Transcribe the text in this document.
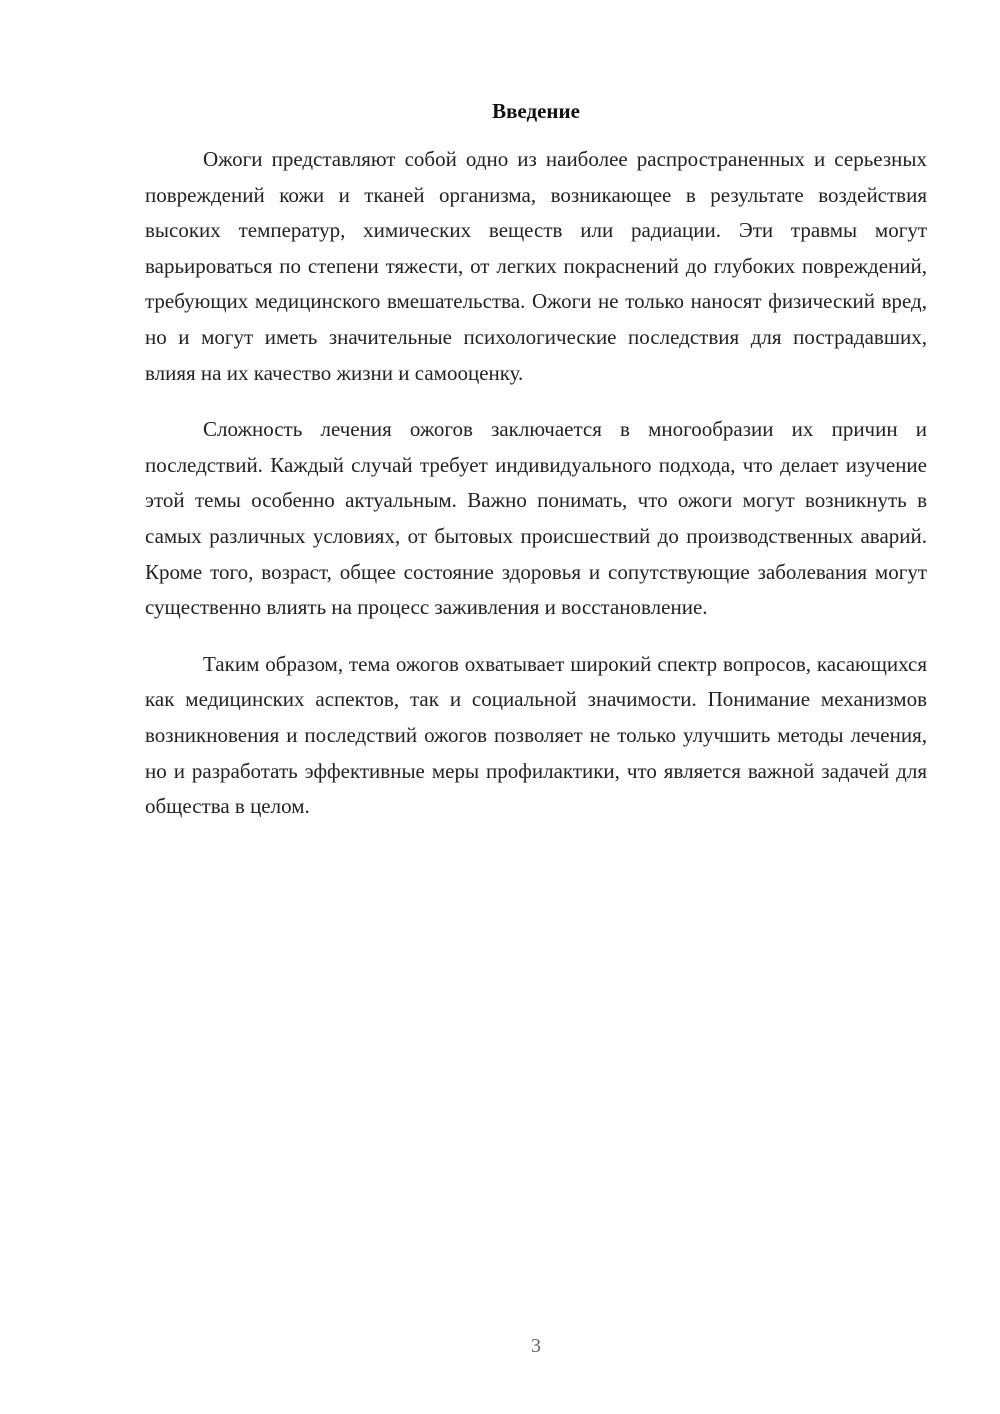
Введение

Ожоги представляют собой одно из наиболее распространенных и серьезных повреждений кожи и тканей организма, возникающее в результате воздействия высоких температур, химических веществ или радиации. Эти травмы могут варьироваться по степени тяжести, от легких покраснений до глубоких повреждений, требующих медицинского вмешательства. Ожоги не только наносят физический вред, но и могут иметь значительные психологические последствия для пострадавших, влияя на их качество жизни и самооценку.

Сложность лечения ожогов заключается в многообразии их причин и последствий. Каждый случай требует индивидуального подхода, что делает изучение этой темы особенно актуальным. Важно понимать, что ожоги могут возникнуть в самых различных условиях, от бытовых происшествий до производственных аварий. Кроме того, возраст, общее состояние здоровья и сопутствующие заболевания могут существенно влиять на процесс заживления и восстановление.

Таким образом, тема ожогов охватывает широкий спектр вопросов, касающихся как медицинских аспектов, так и социальной значимости. Понимание механизмов возникновения и последствий ожогов позволяет не только улучшить методы лечения, но и разработать эффективные меры профилактики, что является важной задачей для общества в целом.

3
